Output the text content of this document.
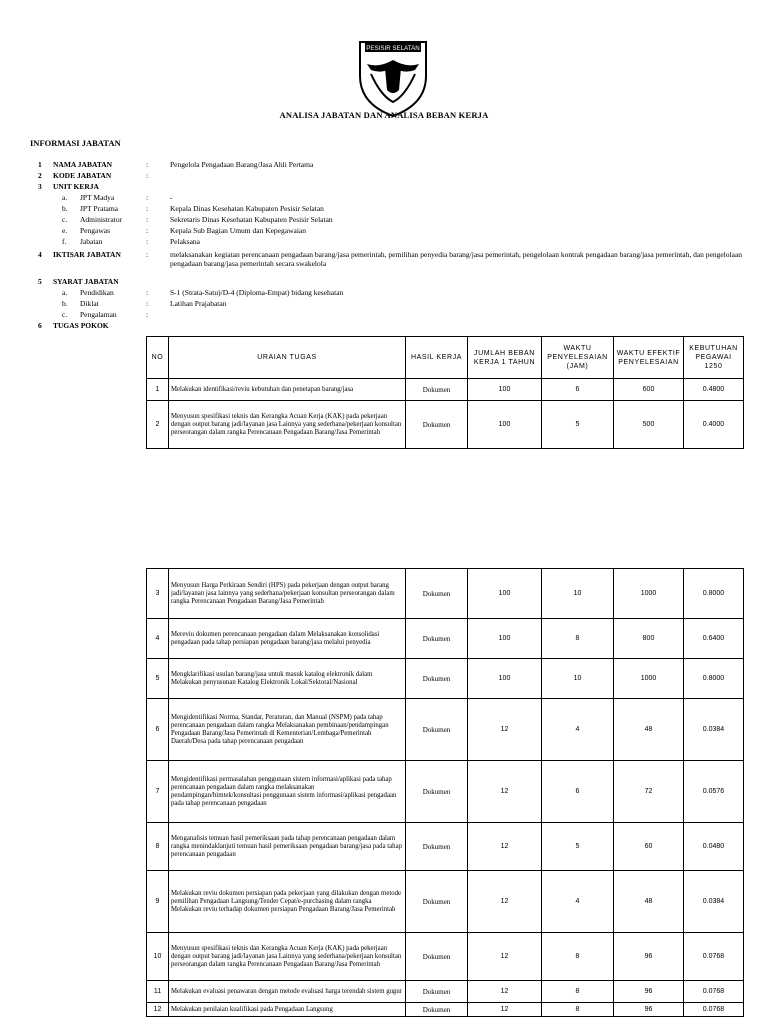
PESISIR SELATAN
ANALISA JABATAN DAN ANALISA BEBAN KERJA
INFORMASI JABATAN
1 NAMA JABATAN	:	Pengelola Pengadaan Barang/Jasa Ahli Pertama
2 KODE JABATAN	:
3 UNIT KERJA
a. JPT Madya	:	-
b. JPT Pratama	:	Kepala Dinas Kesehatan Kabupaten Pesisir Selatan
c. Administrator	:	Sekretaris Dinas Kesehatan Kabupaten Pesisir Selatan
e. Pengawas	:	Kepala Sub Bagian Umum dan Kepegawaian
f. Jabatan	:	Pelaksana
4 IKTISAR JABATAN	:	melaksanakan kegiatan perencanaan pengadaan barang/jasa pemerintah, pemilihan penyedia barang/jasa pemerintah, pengelolaan kontrak pengadaan barang/jasa pemerintah, dan pengelolaan pengadaan barang/jasa pemerintah secara swakelola
5 SYARAT JABATAN
a. Pendidikan	:	S-1 (Strata-Satu)/D-4 (Diploma-Empat) bidang kesehatan
b. Diklat	:	Latihan Prajabatan
c. Pengalaman	:
6 TUGAS POKOK
NO	URAIAN TUGAS	HASIL KERJA	JUMLAH BEBAN KERJA 1 TAHUN	WAKTU PENYELESAIAN (JAM)	WAKTU EFEKTIF PENYELESAIAN	KEBUTUHAN PEGAWAI 1250
1	Melakukan identifikasi/reviu kebutuhan dan penetapan barang/jasa	Dokumen	100	6	600	0.4800
2	Menyusun spesifikasi teknis dan Kerangka Acuan Kerja (KAK) pada pekerjaan dengan output barang jadi/layanan jasa Lainnya yang sederhana/pekerjaan konsultan perseorangan dalam rangka Perencanaan Pengadaan Barang/Jasa Pemerintah	Dokumen	100	5	500	0.4000
3	Menyusun Harga Perkiraan Sendiri (HPS) pada pekerjaan dengan output barang jadi/layanan jasa lainnya yang sederhana/pekerjaan konsultan perseorangan dalam rangka Perencanaan Pengadaan Barang/Jasa Pemerintah	Dokumen	100	10	1000	0.8000
4	Mereviu dokumen perencanaan pengadaan dalam Melaksanakan konsolidasi pengadaan pada tahap persiapan pengadaan barang/jasa melalui penyedia	Dokumen	100	8	800	0.6400
5	Mengklarifikasi usulan barang/jasa untuk masuk katalog elektronik dalam Melakukan penyusunan Katalog Elektronik Lokal/Sektoral/Nasional	Dokumen	100	10	1000	0.8000
6	Mengidentifikasi Norma, Standar, Peraturan, dan Manual (NSPM) pada tahap perencanaan pengadaan dalam rangka Melaksanakan pembinaan/pendampingan Pengadaan Barang/Jasa Pemerintah di Kementerian/Lembaga/Pemerintah Daerah/Desa pada tahap perencanaan pengadaan	Dokumen	12	4	48	0.0384
7	Mengidentifikasi permasalahan penggunaan sistem informasi/aplikasi pada tahap perencanaan pengadaan dalam rangka melaksanakan pendampingan/bimtek/konsultasi penggunaan sistem informasi/aplikasi pengadaan pada tahap perencanaan pengadaan	Dokumen	12	6	72	0.0576
8	Menganalisis temuan hasil pemeriksaan pada tahap perencanaan pengadaan dalam rangka menindaklanjuti temuan hasil pemeriksaan pengadaan barang/jasa pada tahap perencanaan pengadaan	Dokumen	12	5	60	0.0480
9	Melakukan reviu dokumen persiapan pada pekerjaan yang dilakukan dengan metode pemilihan Pengadaan Langsung/Tender Cepat/e-purchasing dalam rangka Melakukan reviu terhadap dokumen persiapan Pengadaan Barang/Jasa Pemerintah	Dokumen	12	4	48	0.0384
10	Menyusun spesifikasi teknis dan Kerangka Acuan Kerja (KAK) pada pekerjaan dengan output barang jadi/layanan jasa Lainnya yang sederhana/pekerjaan konsultan perseorangan dalam rangka Perencanaan Pengadaan Barang/Jasa Pemerintah	Dokumen	12	8	96	0.0768
11	Melakukan evaluasi penawaran dengan metode evaluasi harga terendah sistem gugur	Dokumen	12	8	96	0.0768
12	Melakukan penilaian kualifikasi pada Pengadaan Langsung	Dokumen	12	8	96	0.0768
